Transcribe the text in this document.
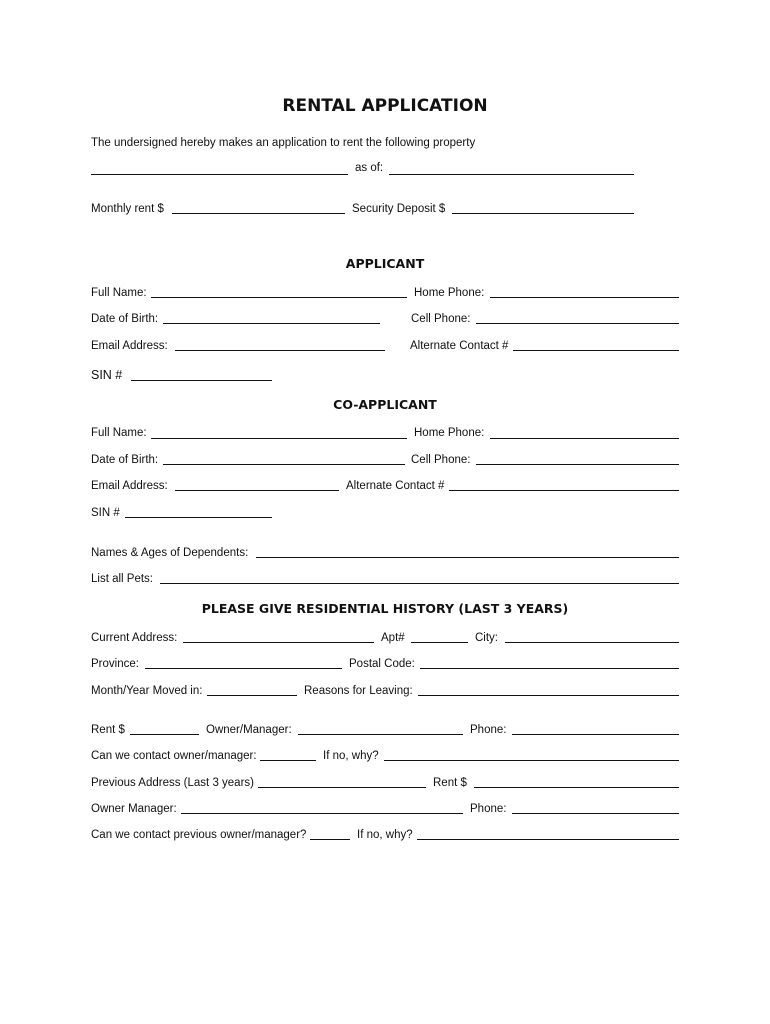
RENTAL APPLICATION
The undersigned hereby makes an application to rent the following property
as of:
Monthly rent $	Security Deposit $
APPLICANT
Full Name:	Home Phone:
Date of Birth:	Cell Phone:
Email Address:	Alternate Contact #
SIN #
CO-APPLICANT
Full Name:	Home Phone:
Date of Birth:	Cell Phone:
Email Address:	Alternate Contact #
SIN #
Names & Ages of Dependents:
List all Pets:
PLEASE GIVE RESIDENTIAL HISTORY (LAST 3 YEARS)
Current Address:	Apt#	City:
Province:	Postal Code:
Month/Year Moved in:	Reasons for Leaving:
Rent $	Owner/Manager:	Phone:
Can we contact owner/manager:	If no, why?
Previous Address (Last 3 years)	Rent $
Owner Manager:	Phone:
Can we contact previous owner/manager?	If no, why?
